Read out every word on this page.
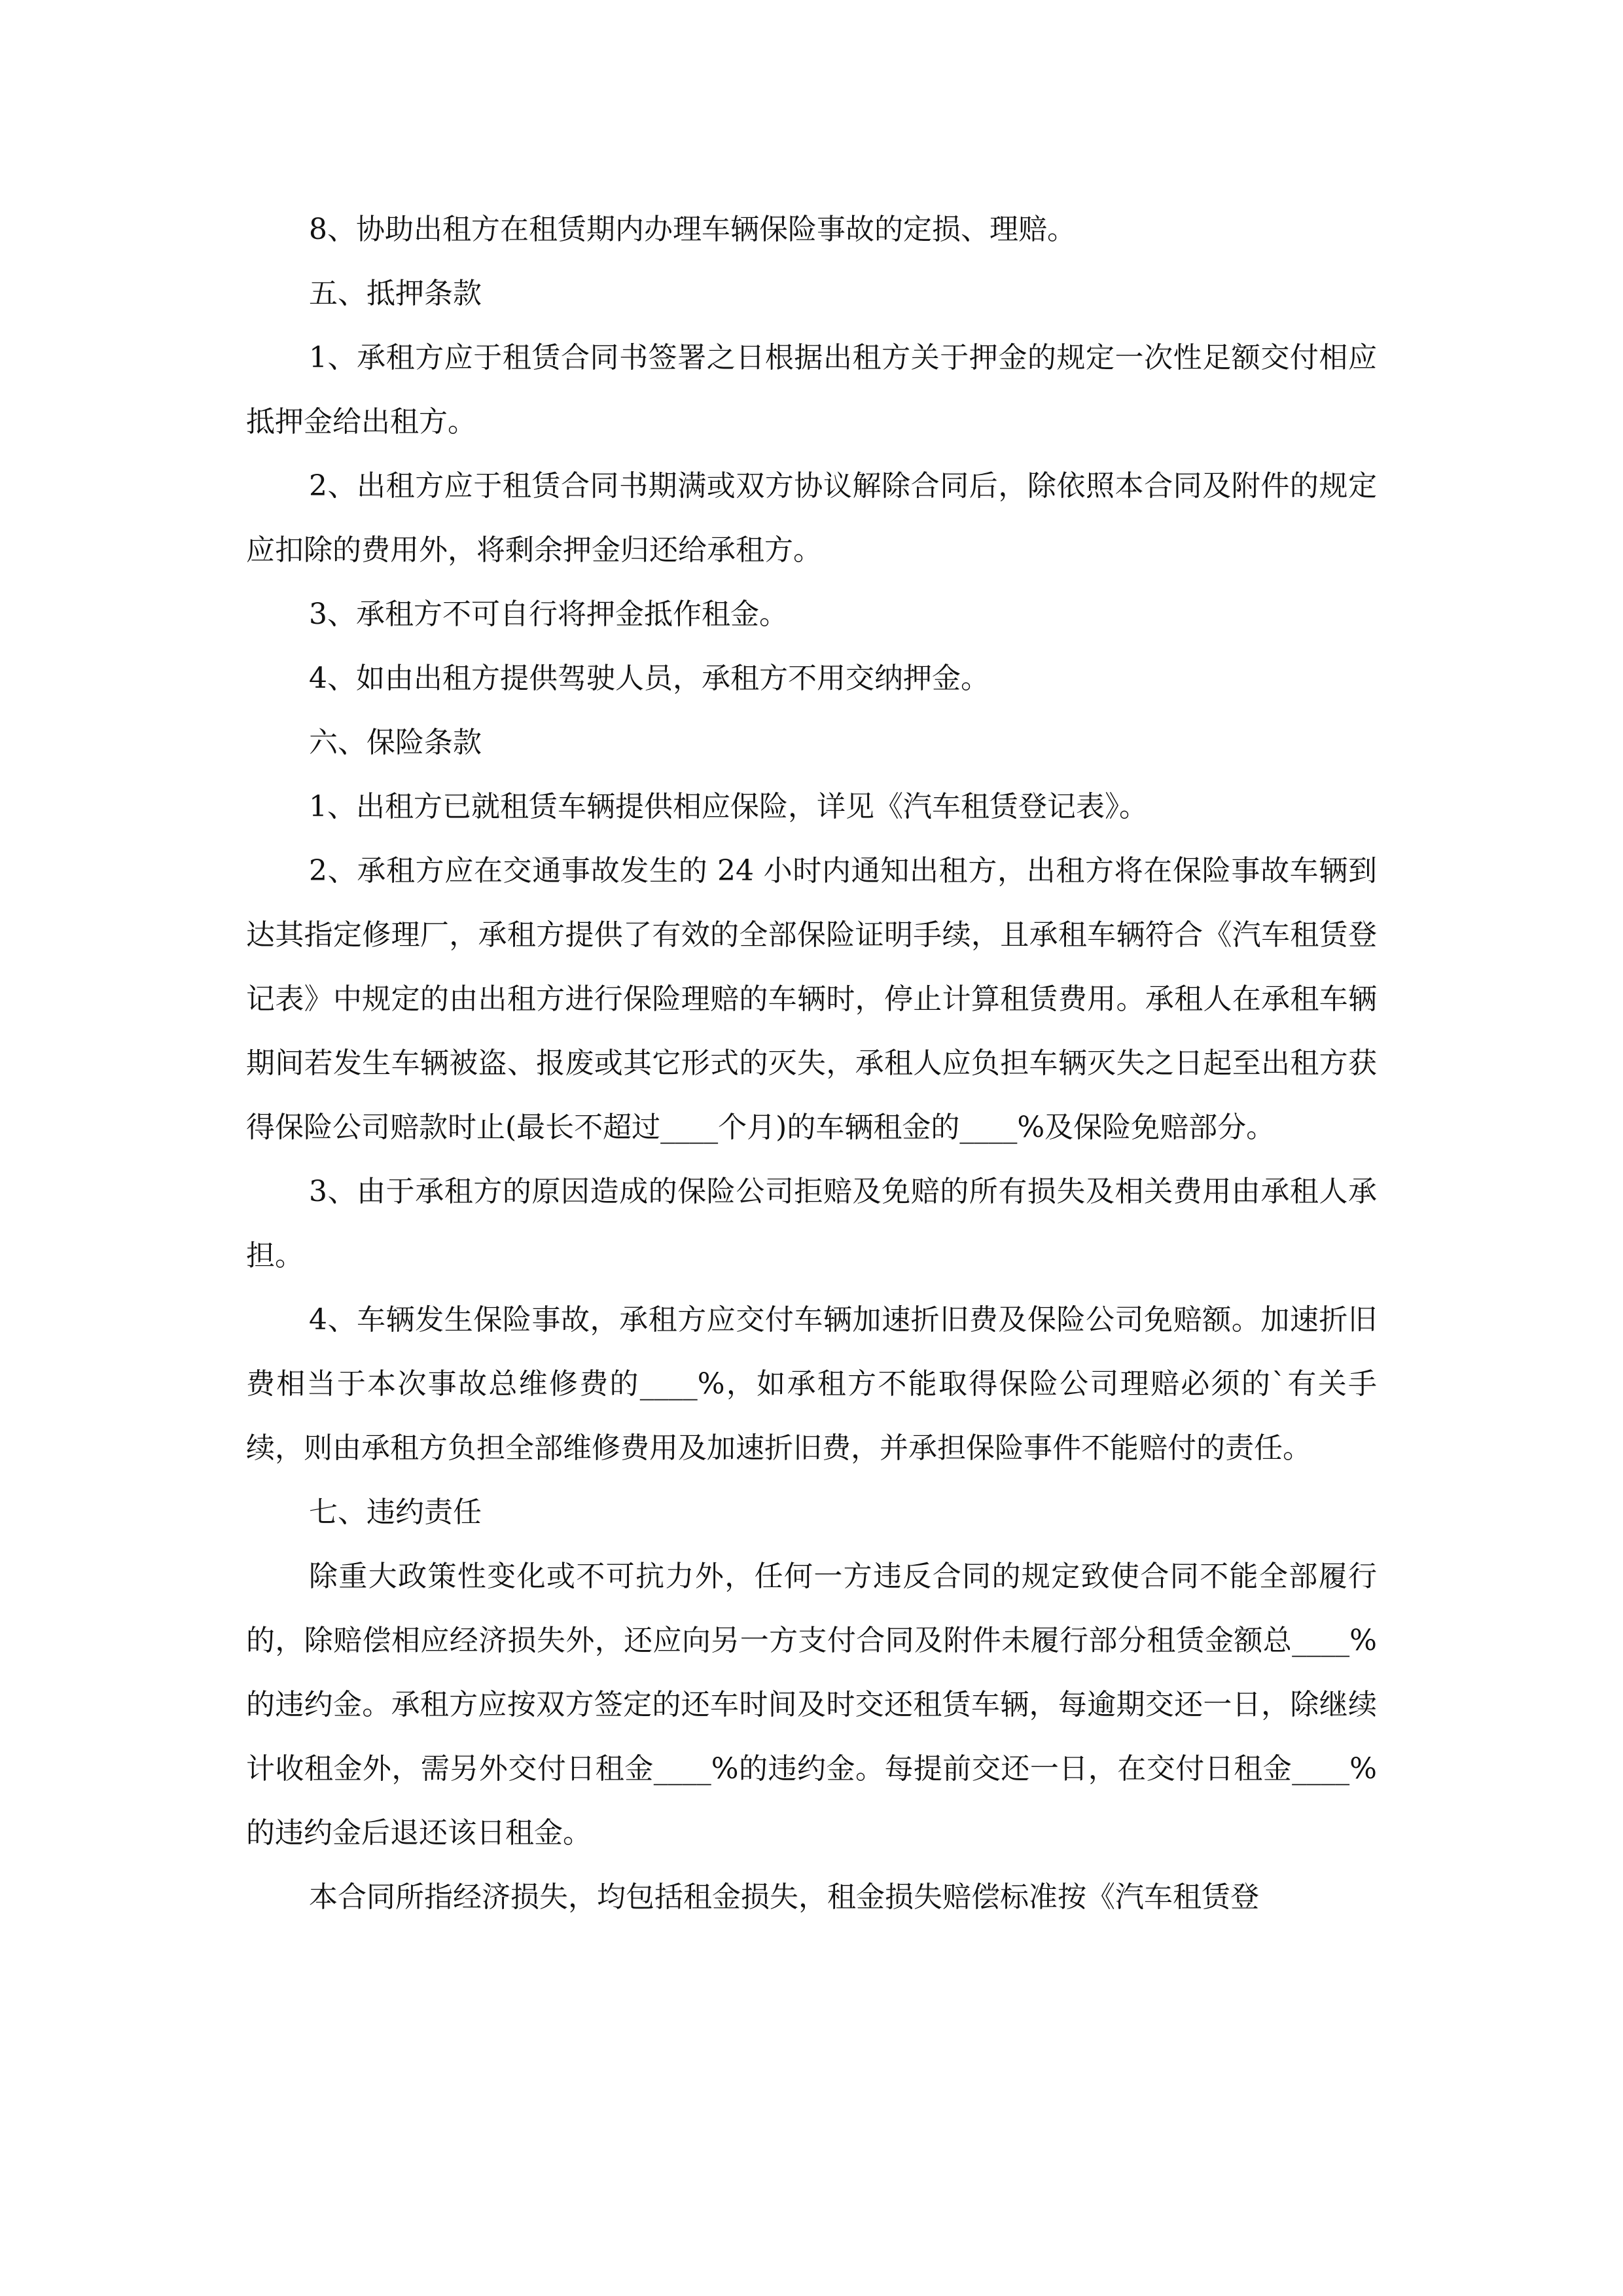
8、协助出租方在租赁期内办理车辆保险事故的定损、理赔。

五、抵押条款

1、承租方应于租赁合同书签署之日根据出租方关于押金的规定一次性足额交付相应抵押金给出租方。

2、出租方应于租赁合同书期满或双方协议解除合同后，除依照本合同及附件的规定应扣除的费用外，将剩余押金归还给承租方。

3、承租方不可自行将押金抵作租金。

4、如由出租方提供驾驶人员，承租方不用交纳押金。

六、保险条款

1、出租方已就租赁车辆提供相应保险，详见《汽车租赁登记表》。

2、承租方应在交通事故发生的 24 小时内通知出租方，出租方将在保险事故车辆到达其指定修理厂，承租方提供了有效的全部保险证明手续，且承租车辆符合《汽车租赁登记表》中规定的由出租方进行保险理赔的车辆时，停止计算租赁费用。承租人在承租车辆期间若发生车辆被盗、报废或其它形式的灭失，承租人应负担车辆灭失之日起至出租方获得保险公司赔款时止(最长不超过____个月)的车辆租金的____%及保险免赔部分。

3、由于承租方的原因造成的保险公司拒赔及免赔的所有损失及相关费用由承租人承担。

4、车辆发生保险事故，承租方应交付车辆加速折旧费及保险公司免赔额。加速折旧费相当于本次事故总维修费的____%，如承租方不能取得保险公司理赔必须的`有关手续，则由承租方负担全部维修费用及加速折旧费，并承担保险事件不能赔付的责任。

七、违约责任

除重大政策性变化或不可抗力外，任何一方违反合同的规定致使合同不能全部履行的，除赔偿相应经济损失外，还应向另一方支付合同及附件未履行部分租赁金额总____%的违约金。承租方应按双方签定的还车时间及时交还租赁车辆，每逾期交还一日，除继续计收租金外，需另外交付日租金____%的违约金。每提前交还一日，在交付日租金____%的违约金后退还该日租金。

本合同所指经济损失，均包括租金损失，租金损失赔偿标准按《汽车租赁登
